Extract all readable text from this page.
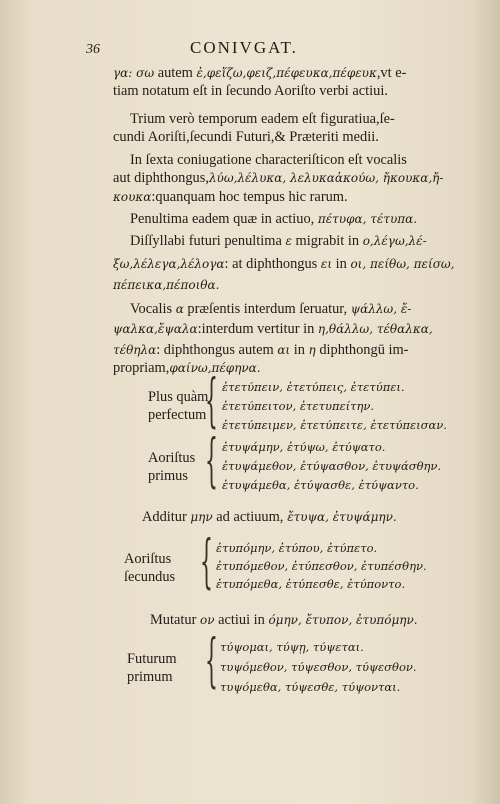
36	CONIVGAT.
γα: σω autem ἐ,φεἴζω,φειζ,πέφευκα,πέφευκ,vt e-
tiam notatum eſt in ſecundo Aoriſto verbi actiui.
Trium verò temporum eadem eſt figuratiua,ſe-
cundi Aoriſti,ſecundi Futuri,& Præteriti medii.
In ſexta coniugatione characteriſticon eſt vocalis
aut diphthongus,λύω,λέλυκα, λελυκαἀκούω, ἤκουκα,ἤ-
κουκα:quanquam hoc tempus hic rarum.
Penultima eadem quæ in actiuo, πέτυφα, τέτυπα.
Diſſyllabi futuri penultima ε migrabit in ο,λέγω,λέ-
ξω,λέλεγα,λέλογα: at diphthongus ει in οι, πείθω, πείσω,
πέπεικα,πέποιθα.
Vocalis α præſentis interdum ſeruatur, ψάλλω, ἔ-
ψαλκα,ἔψαλα:interdum vertitur in η,θάλλω, τέθαλκα,
τέθηλα: diphthongus autem αι in η diphthongū im-
propriam,φαίνω,πέφηνα.
Plus quàm
perfectum
{ ἐτετύπειν, ἐτετύπεις, ἐτετύπει.
ἐτετύπειτον, ἐτετυπείτην.
ἐτετύπειμεν, ἐτετύπειτε, ἐτετύπεισαν.
Aoriſtus
primus { ἐτυψάμην, ἐτύψω, ἐτύψατο.
ἐτυψάμεθον, ἐτύψασθον, ἐτυψάσθην.
ἐτυψάμεθα, ἐτύψασθε, ἐτύψαντο.
Additur μην ad actiuum, ἔτυψα, ἐτυψάμην.
Aoriſtus
ſecundus { ἐτυπόμην, ἐτύπου, ἐτύπετο.
ἐτυπόμεθον, ἐτύπεσθον, ἐτυπέσθην.
ἐτυπόμεθα, ἐτύπεσθε, ἐτύποντο.
Mutatur ον actiui in όμην, ἔτυπον, ἐτυπόμην.
Futurum
primum { τύψομαι, τύψῃ, τύψεται.
τυψόμεθον, τύψεσθον, τύψεσθον.
τυψόμεθα, τύψεσθε, τύψονται.
